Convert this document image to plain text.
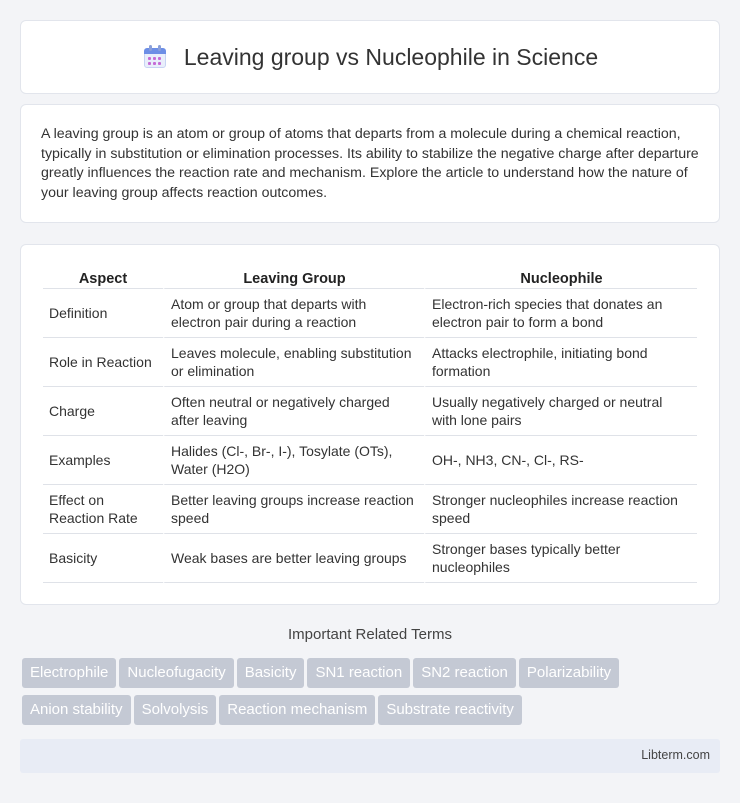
Leaving group vs Nucleophile in Science

A leaving group is an atom or group of atoms that departs from a molecule during a chemical reaction, typically in substitution or elimination processes. Its ability to stabilize the negative charge after departure greatly influences the reaction rate and mechanism. Explore the article to understand how the nature of your leaving group affects reaction outcomes.

Aspect	Leaving Group	Nucleophile
Definition	Atom or group that departs with electron pair during a reaction	Electron-rich species that donates an electron pair to form a bond
Role in Reaction	Leaves molecule, enabling substitution or elimination	Attacks electrophile, initiating bond formation
Charge	Often neutral or negatively charged after leaving	Usually negatively charged or neutral with lone pairs
Examples	Halides (Cl-, Br-, I-), Tosylate (OTs), Water (H2O)	OH-, NH3, CN-, Cl-, RS-
Effect on Reaction Rate	Better leaving groups increase reaction speed	Stronger nucleophiles increase reaction speed
Basicity	Weak bases are better leaving groups	Stronger bases typically better nucleophiles
Important Related Terms
Electrophile Nucleofugacity Basicity SN1 reaction SN2 reaction Polarizability
Anion stability Solvolysis Reaction mechanism Substrate reactivity
Libterm.com
